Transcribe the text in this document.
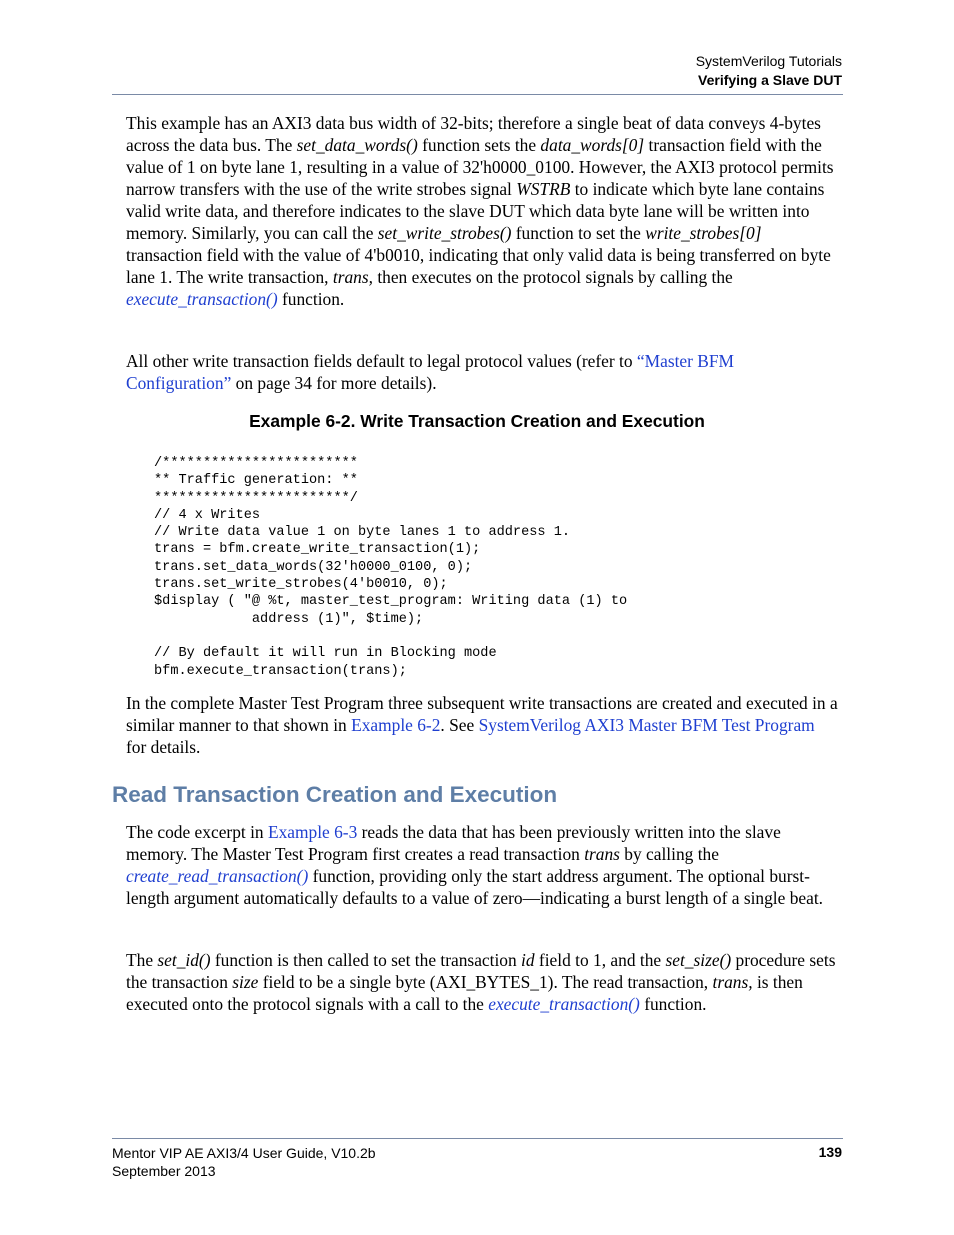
SystemVerilog Tutorials
Verifying a Slave DUT

This example has an AXI3 data bus width of 32-bits; therefore a single beat of data conveys 4-bytes across the data bus. The set_data_words() function sets the data_words[0] transaction field with the value of 1 on byte lane 1, resulting in a value of 32'h0000_0100. However, the AXI3 protocol permits narrow transfers with the use of the write strobes signal WSTRB to indicate which byte lane contains valid write data, and therefore indicates to the slave DUT which data byte lane will be written into memory. Similarly, you can call the set_write_strobes() function to set the write_strobes[0] transaction field with the value of 4'b0010, indicating that only valid data is being transferred on byte lane 1. The write transaction, trans, then executes on the protocol signals by calling the execute_transaction() function.

All other write transaction fields default to legal protocol values (refer to “Master BFM Configuration” on page 34 for more details).

Example 6-2. Write Transaction Creation and Execution
/************************
** Traffic generation: **
************************/
// 4 x Writes
// Write data value 1 on byte lanes 1 to address 1.
trans = bfm.create_write_transaction(1);
trans.set_data_words(32'h0000_0100, 0);
trans.set_write_strobes(4'b0010, 0);
$display ( "@ %t, master_test_program: Writing data (1) to
address (1)", $time);

// By default it will run in Blocking mode
bfm.execute_transaction(trans);

In the complete Master Test Program three subsequent write transactions are created and executed in a similar manner to that shown in Example 6-2. See SystemVerilog AXI3 Master BFM Test Program for details.

Read Transaction Creation and Execution

The code excerpt in Example 6-3 reads the data that has been previously written into the slave memory. The Master Test Program first creates a read transaction trans by calling the create_read_transaction() function, providing only the start address argument. The optional burst-length argument automatically defaults to a value of zero—indicating a burst length of a single beat.

The set_id() function is then called to set the transaction id field to 1, and the set_size() procedure sets the transaction size field to be a single byte (AXI_BYTES_1). The read transaction, trans, is then executed onto the protocol signals with a call to the execute_transaction() function.

Mentor VIP AE AXI3/4 User Guide, V10.2b
September 2013
139
